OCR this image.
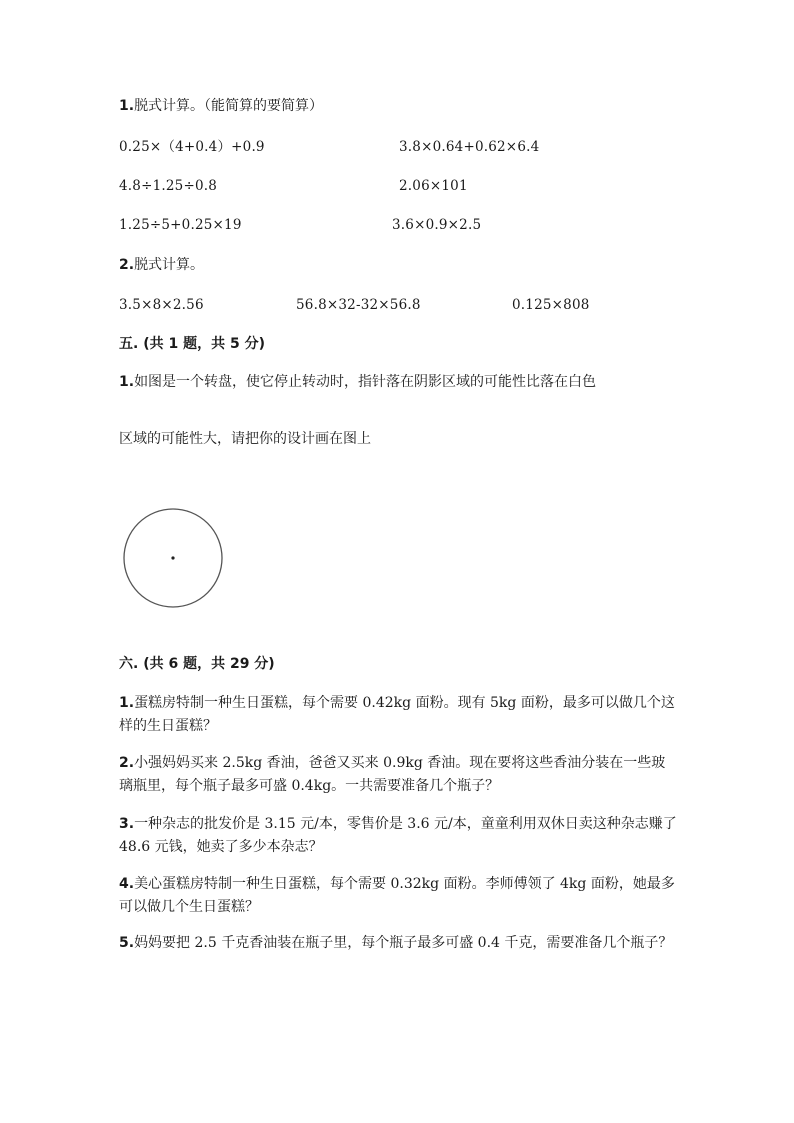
1.脱式计算。（能简算的要简算）
0.25×（4+0.4）+0.9	3.8×0.64+0.62×6.4
4.8÷1.25÷0.8	2.06×101
1.25÷5+0.25×19	3.6×0.9×2.5
2.脱式计算。
3.5×8×2.56	56.8×32-32×56.8	0.125×808
五. (共 1 题，共 5 分)
1.如图是一个转盘，使它停止转动时，指针落在阴影区域的可能性比落在白色
区域的可能性大，请把你的设计画在图上
六. (共 6 题，共 29 分)
1.蛋糕房特制一种生日蛋糕，每个需要 0.42kg 面粉。现有 5kg 面粉，最多可以做几个这样的生日蛋糕？
2.小强妈妈买来 2.5kg 香油，爸爸又买来 0.9kg 香油。现在要将这些香油分装在一些玻璃瓶里，每个瓶子最多可盛 0.4kg。一共需要准备几个瓶子？
3.一种杂志的批发价是 3.15 元/本，零售价是 3.6 元/本，童童利用双休日卖这种杂志赚了 48.6 元钱，她卖了多少本杂志？
4.美心蛋糕房特制一种生日蛋糕，每个需要 0.32kg 面粉。李师傅领了 4kg 面粉，她最多可以做几个生日蛋糕？
5.妈妈要把 2.5 千克香油装在瓶子里，每个瓶子最多可盛 0.4 千克，需要准备几个瓶子？
